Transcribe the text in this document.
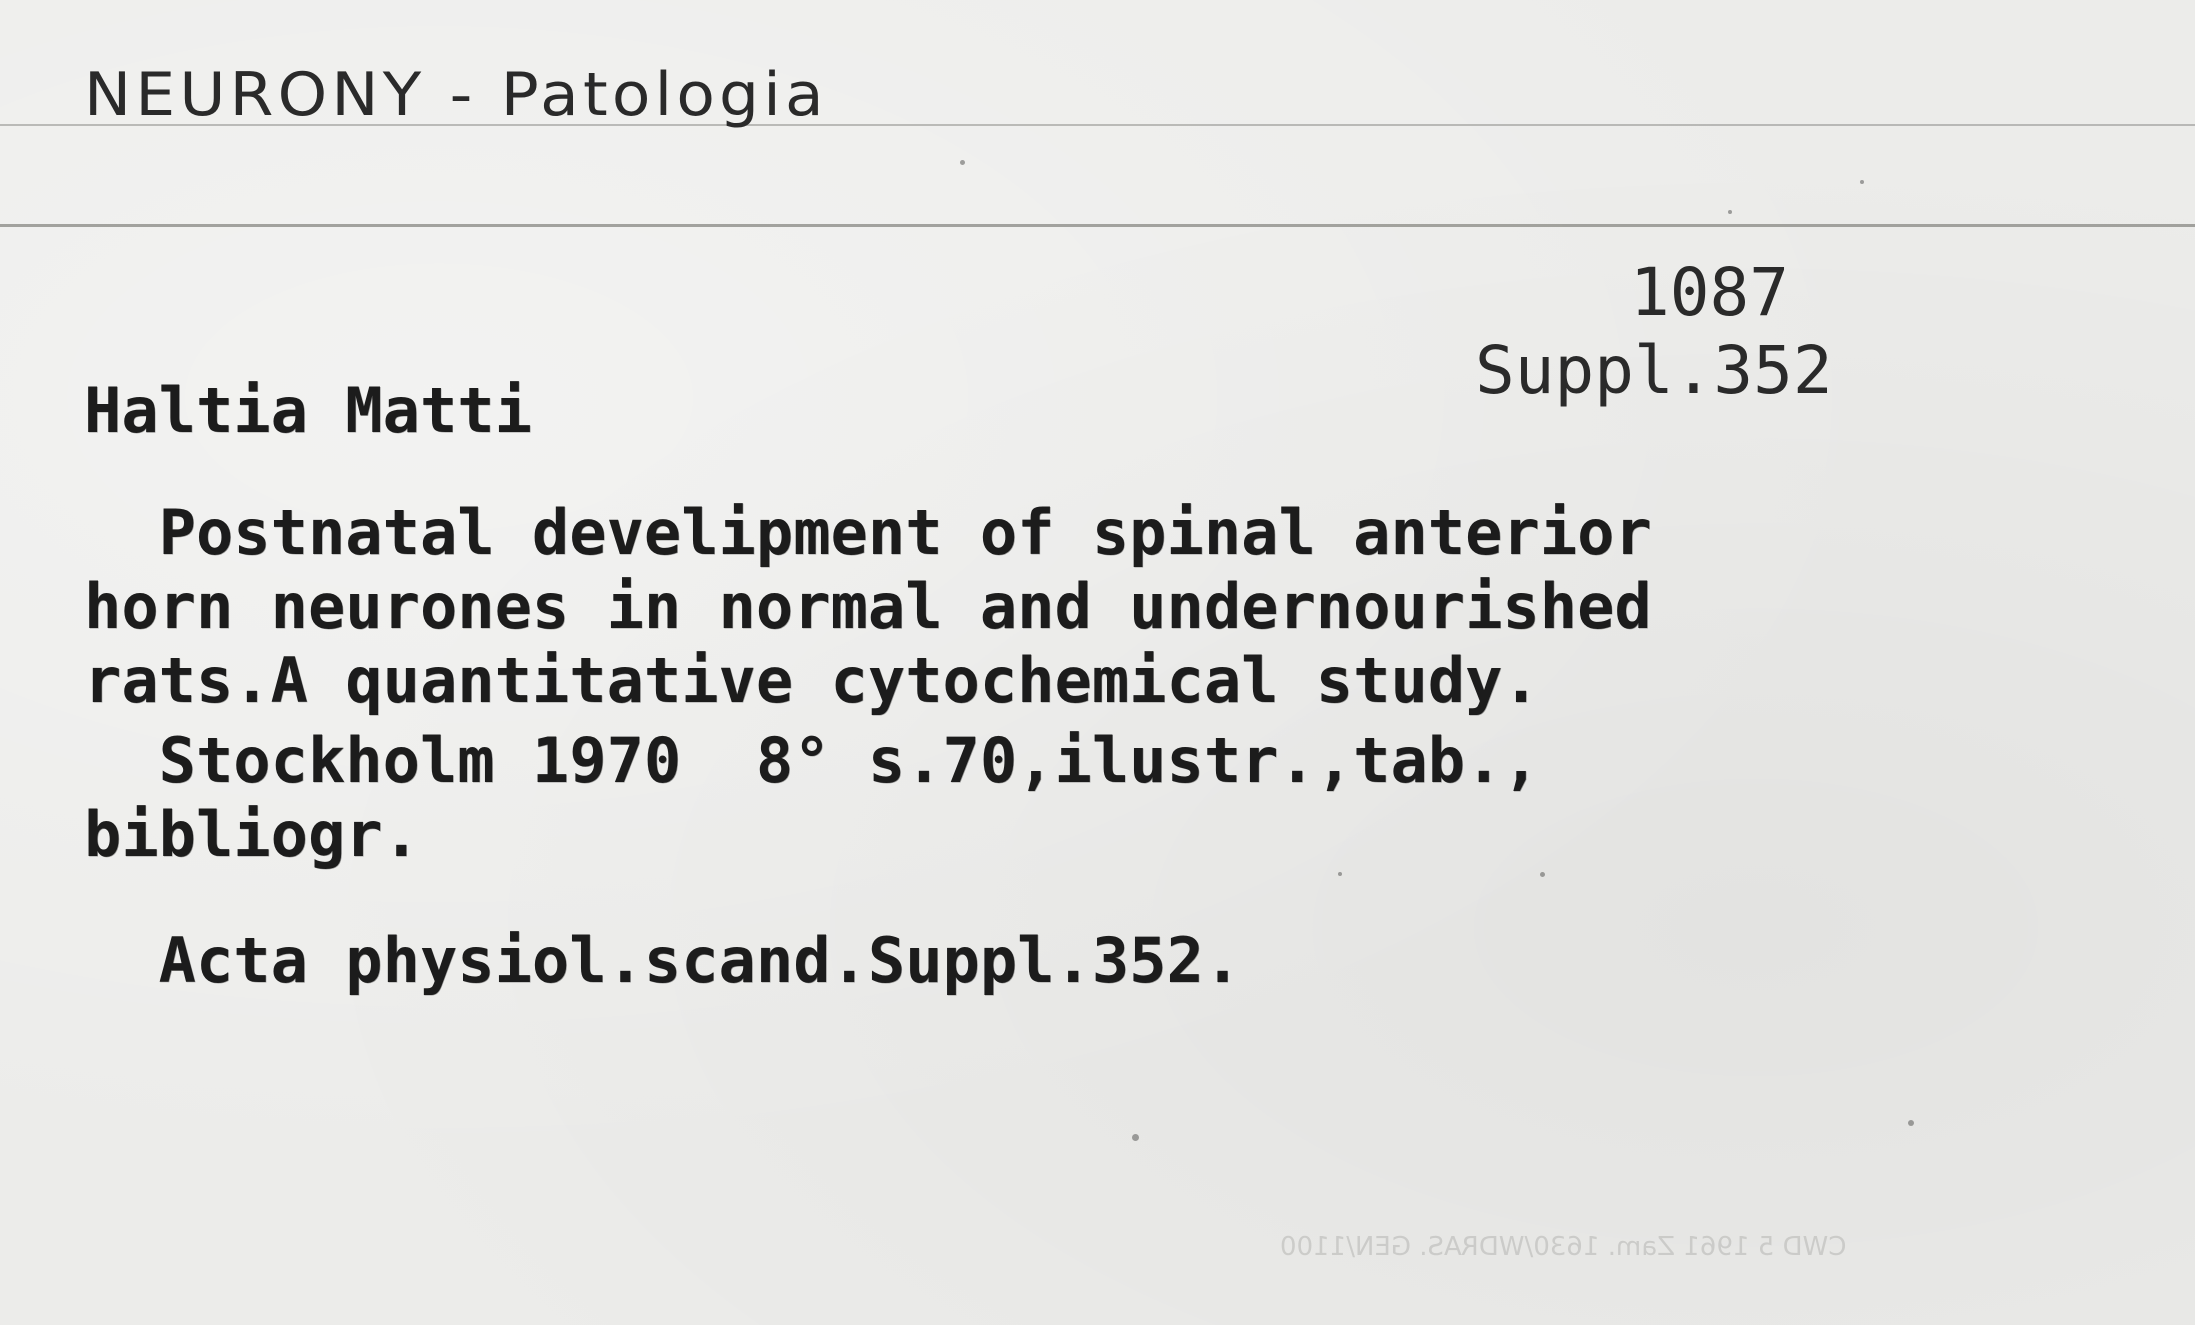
NEURONY - Patologia
1087
Suppl.352
Haltia Matti
Postnatal develipment of spinal anterior
horn neurones in normal and undernourished
rats.A quantitative cytochemical study.
Stockholm 1970  8° s.70,ilustr.,tab.,
bibliogr.
Acta physiol.scand.Suppl.352.
CWD 5 1961 Zam. 1630/WDRAS. GEN/1100
